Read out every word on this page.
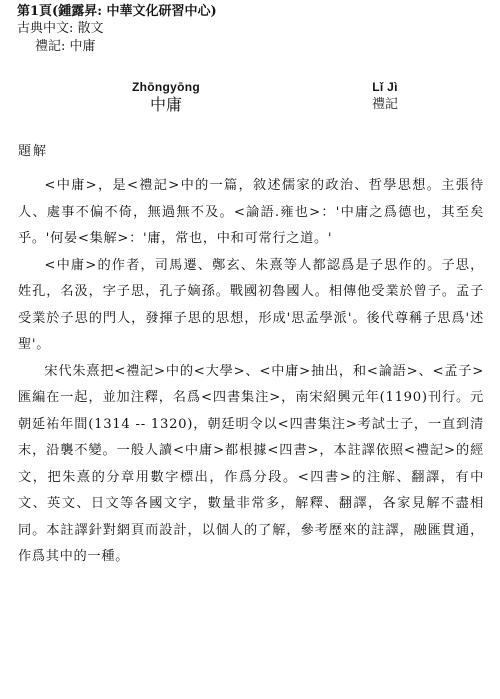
第1頁(鍾露昇: 中華文化研習中心)
古典中文: 散文
禮記: 中庸
Zhōngyōng
中庸
Lǐ Jì
禮記
題解

<中庸>，是<禮記>中的一篇，敘述儒家的政治、哲學思想。主張待人、處事不偏不倚，無過無不及。<論語.雍也>：'中庸之爲德也，其至矣乎。'何晏<集解>：'庸，常也，中和可常行之道。'

<中庸>的作者，司馬遷、鄭玄、朱熹等人都認爲是子思作的。子思，姓孔，名汲，字子思，孔子嫡孫。戰國初魯國人。相傳他受業於曾子。孟子受業於子思的門人，發揮子思的思想，形成'思孟學派'。後代尊稱子思爲'述聖'。

宋代朱熹把<禮記>中的<大學>、<中庸>抽出，和<論語>、<孟子>匯編在一起，並加注釋，名爲<四書集注>，南宋紹興元年(1190)刊行。元朝延祐年間(1314 -- 1320)，朝廷明令以<四書集注>考試士子，一直到清末，沿襲不變。一般人讀<中庸>都根據<四書>，本註譯依照<禮記>的經文，把朱熹的分章用數字標出，作爲分段。<四書>的注解、翻譯，有中文、英文、日文等各國文字，數量非常多，解釋、翻譯，各家見解不盡相同。本註譯針對網頁而設計，以個人的了解，參考歷來的註譯，融匯貫通，作爲其中的一種。
